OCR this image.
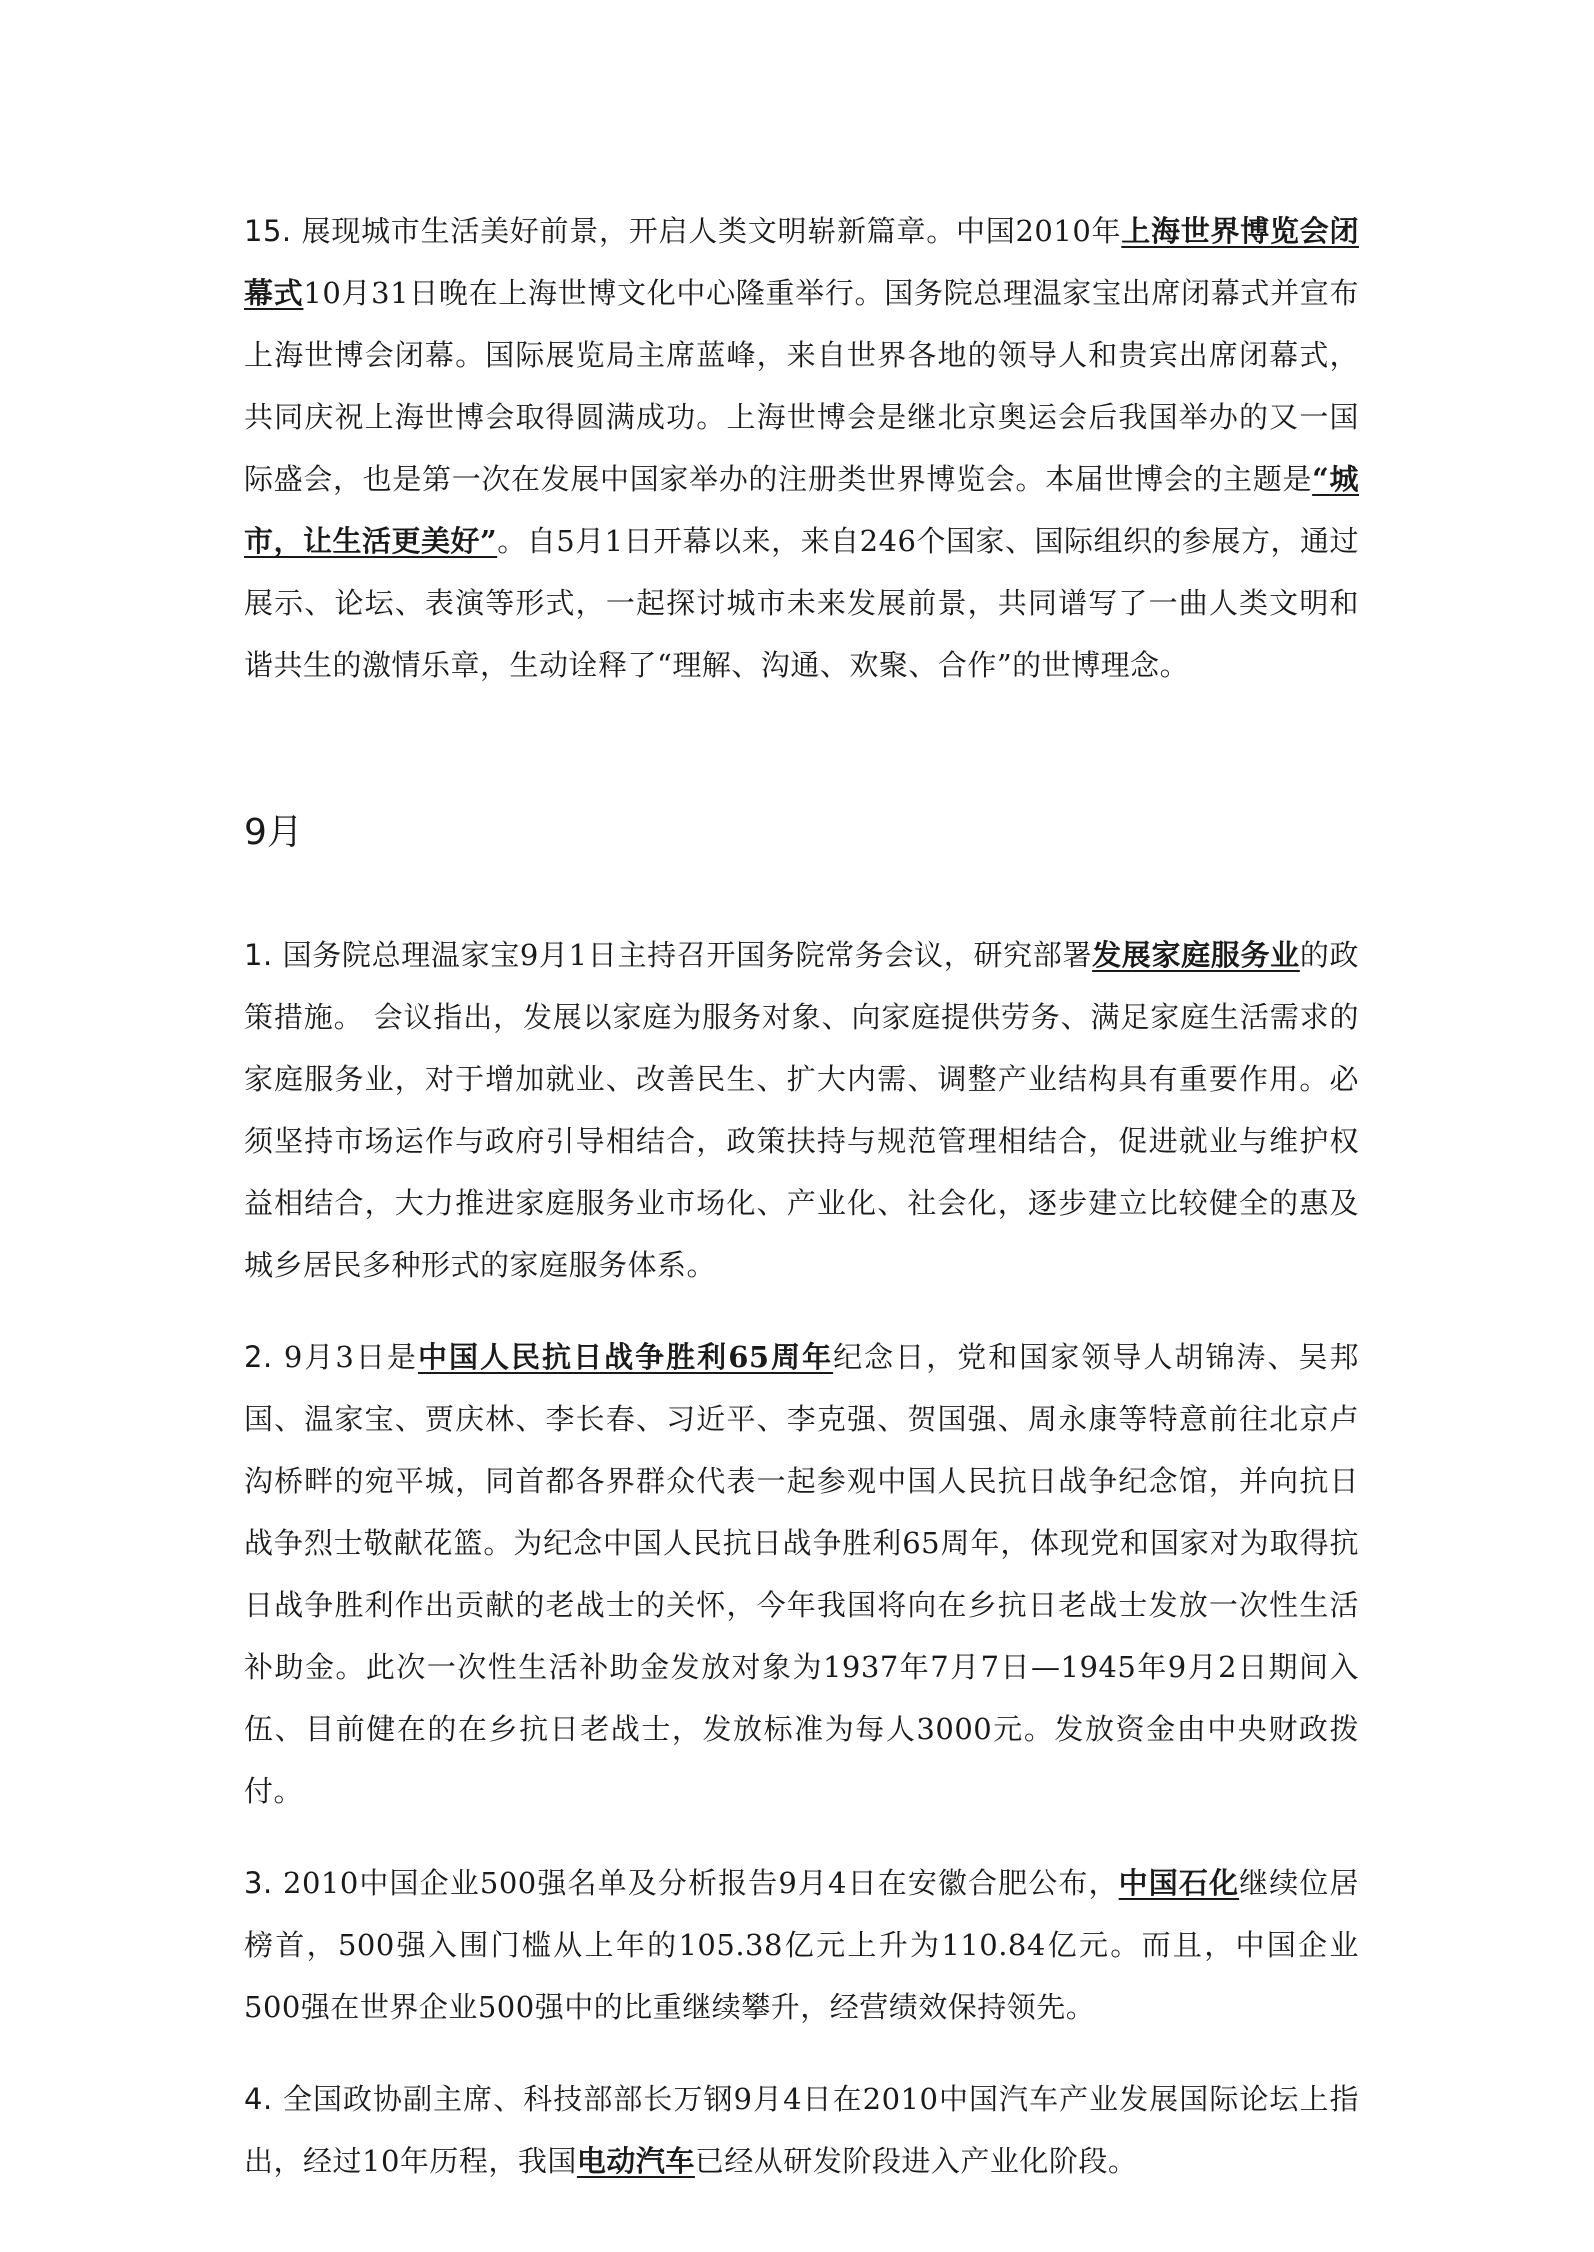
15. 展现城市生活美好前景，开启人类文明崭新篇章。中国2010年上海世界博览会闭幕式10月31日晚在上海世博文化中心隆重举行。国务院总理温家宝出席闭幕式并宣布上海世博会闭幕。国际展览局主席蓝峰，来自世界各地的领导人和贵宾出席闭幕式，共同庆祝上海世博会取得圆满成功。上海世博会是继北京奥运会后我国举办的又一国际盛会，也是第一次在发展中国家举办的注册类世界博览会。本届世博会的主题是“城市，让生活更美好”。自5月1日开幕以来，来自246个国家、国际组织的参展方，通过展示、论坛、表演等形式，一起探讨城市未来发展前景，共同谱写了一曲人类文明和谐共生的激情乐章，生动诠释了“理解、沟通、欢聚、合作”的世博理念。

9月

1. 国务院总理温家宝9月1日主持召开国务院常务会议，研究部署发展家庭服务业的政策措施。 会议指出，发展以家庭为服务对象、向家庭提供劳务、满足家庭生活需求的家庭服务业，对于增加就业、改善民生、扩大内需、调整产业结构具有重要作用。必须坚持市场运作与政府引导相结合，政策扶持与规范管理相结合，促进就业与维护权益相结合，大力推进家庭服务业市场化、产业化、社会化，逐步建立比较健全的惠及城乡居民多种形式的家庭服务体系。

2. 9月3日是中国人民抗日战争胜利65周年纪念日，党和国家领导人胡锦涛、吴邦国、温家宝、贾庆林、李长春、习近平、李克强、贺国强、周永康等特意前往北京卢沟桥畔的宛平城，同首都各界群众代表一起参观中国人民抗日战争纪念馆，并向抗日战争烈士敬献花篮。为纪念中国人民抗日战争胜利65周年，体现党和国家对为取得抗日战争胜利作出贡献的老战士的关怀，今年我国将向在乡抗日老战士发放一次性生活补助金。此次一次性生活补助金发放对象为1937年7月7日—1945年9月2日期间入伍、目前健在的在乡抗日老战士，发放标准为每人3000元。发放资金由中央财政拨付。

3. 2010中国企业500强名单及分析报告9月4日在安徽合肥公布，中国石化继续位居榜首，500强入围门槛从上年的105.38亿元上升为110.84亿元。而且，中国企业500强在世界企业500强中的比重继续攀升，经营绩效保持领先。

4. 全国政协副主席、科技部部长万钢9月4日在2010中国汽车产业发展国际论坛上指出，经过10年历程，我国电动汽车已经从研发阶段进入产业化阶段。
